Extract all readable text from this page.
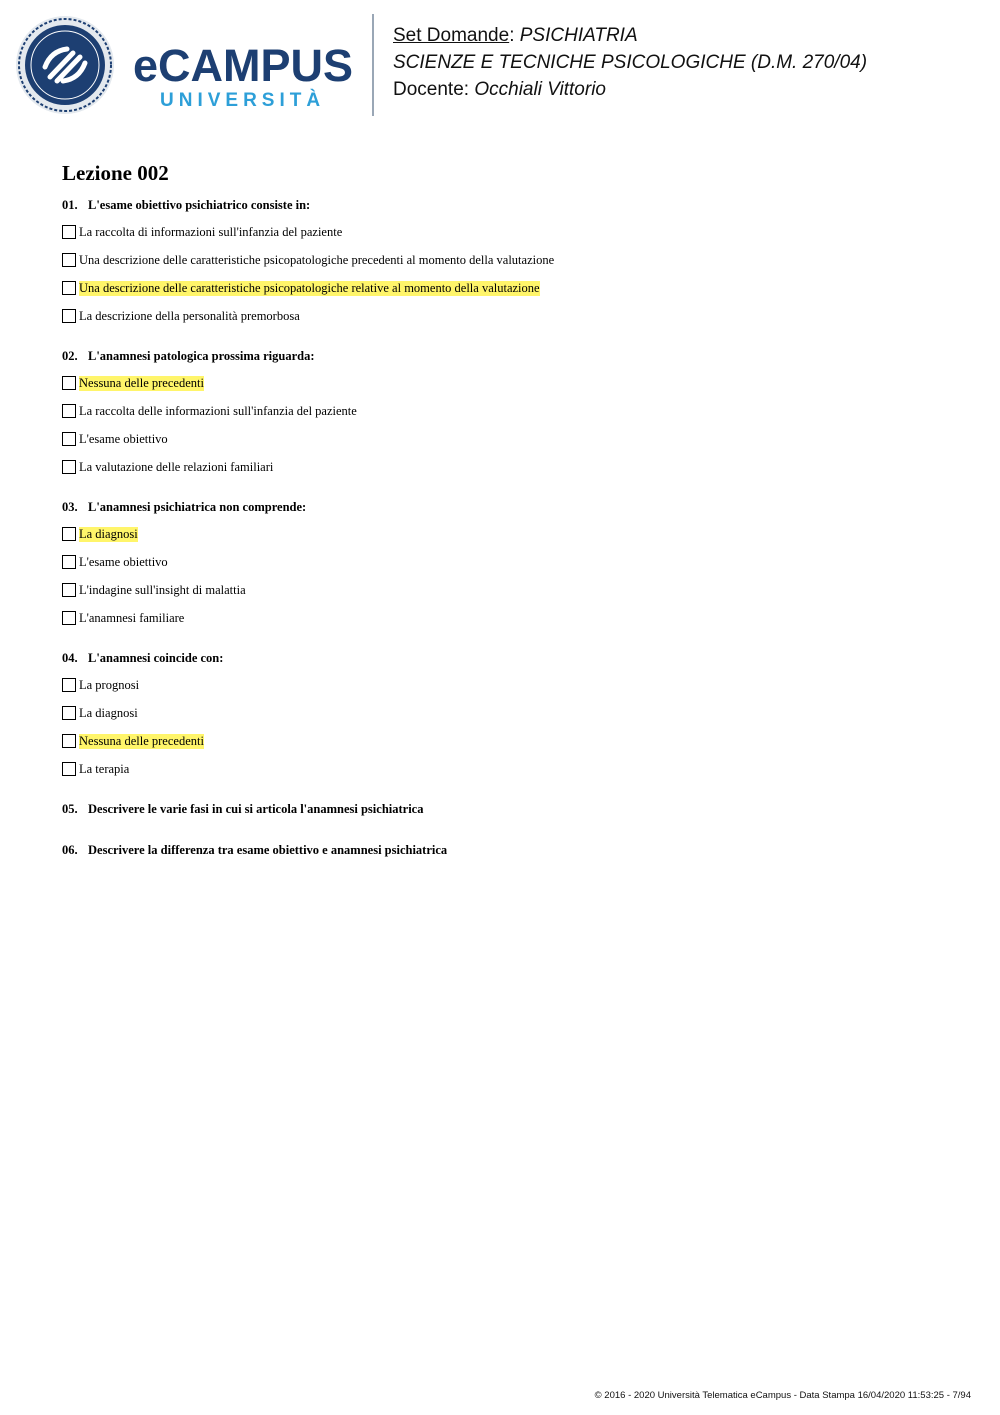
eCAMPUS
UNIVERSITÀ
Set Domande: PSICHIATRIA
SCIENZE E TECNICHE PSICOLOGICHE (D.M. 270/04)
Docente: Occhiali Vittorio
Lezione 002
01. L'esame obiettivo psichiatrico consiste in:
La raccolta di informazioni sull'infanzia del paziente
Una descrizione delle caratteristiche psicopatologiche precedenti al momento della valutazione
Una descrizione delle caratteristiche psicopatologiche relative al momento della valutazione
La descrizione della personalità premorbosa
02. L'anamnesi patologica prossima riguarda:
Nessuna delle precedenti
La raccolta delle informazioni sull'infanzia del paziente
L'esame obiettivo
La valutazione delle relazioni familiari
03. L'anamnesi psichiatrica non comprende:
La diagnosi
L'esame obiettivo
L'indagine sull'insight di malattia
L'anamnesi familiare
04. L'anamnesi coincide con:
La prognosi
La diagnosi
Nessuna delle precedenti
La terapia
05. Descrivere le varie fasi in cui si articola l'anamnesi psichiatrica
06. Descrivere la differenza tra esame obiettivo e anamnesi psichiatrica
© 2016 - 2020 Università Telematica eCampus - Data Stampa 16/04/2020 11:53:25 - 7/94
